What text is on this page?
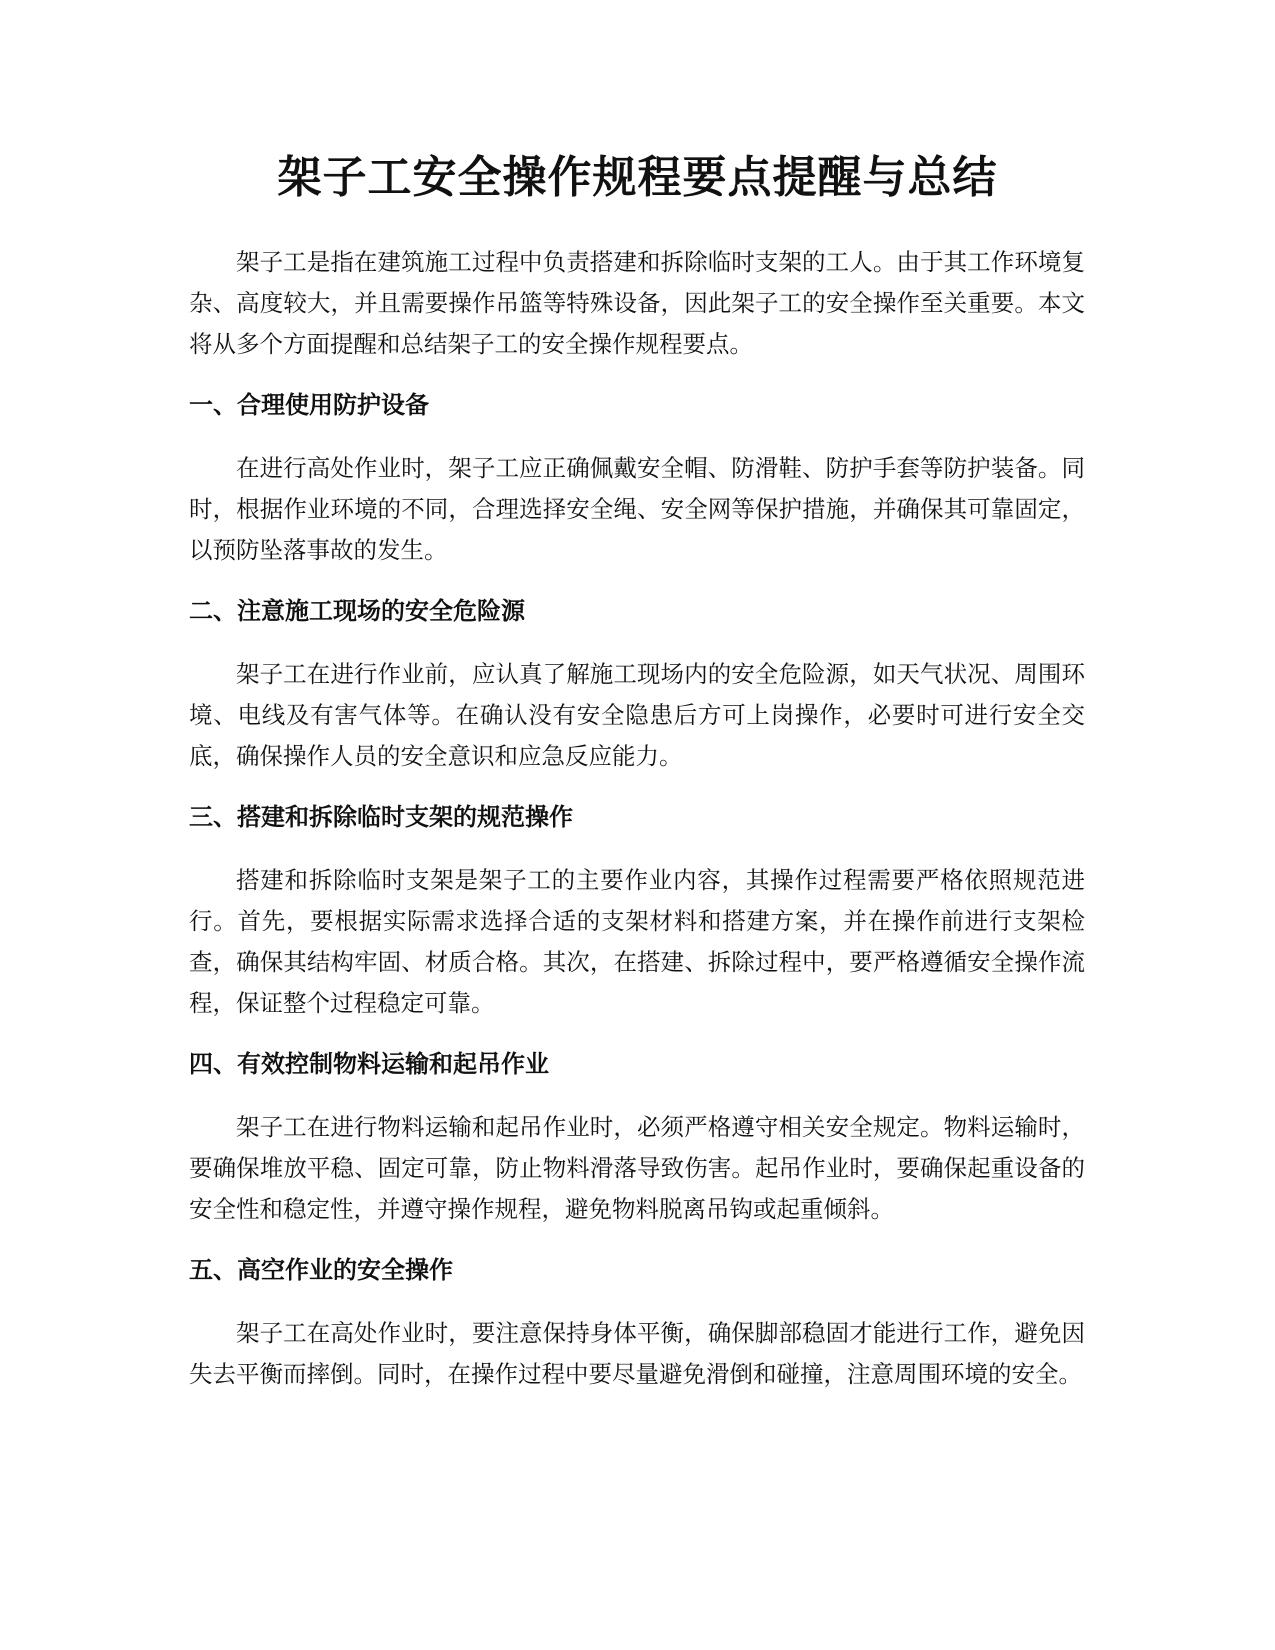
架子工安全操作规程要点提醒与总结

架子工是指在建筑施工过程中负责搭建和拆除临时支架的工人。由于其工作环境复杂、高度较大，并且需要操作吊篮等特殊设备，因此架子工的安全操作至关重要。本文将从多个方面提醒和总结架子工的安全操作规程要点。

一、合理使用防护设备

在进行高处作业时，架子工应正确佩戴安全帽、防滑鞋、防护手套等防护装备。同时，根据作业环境的不同，合理选择安全绳、安全网等保护措施，并确保其可靠固定，以预防坠落事故的发生。

二、注意施工现场的安全危险源

架子工在进行作业前，应认真了解施工现场内的安全危险源，如天气状况、周围环境、电线及有害气体等。在确认没有安全隐患后方可上岗操作，必要时可进行安全交底，确保操作人员的安全意识和应急反应能力。

三、搭建和拆除临时支架的规范操作

搭建和拆除临时支架是架子工的主要作业内容，其操作过程需要严格依照规范进行。首先，要根据实际需求选择合适的支架材料和搭建方案，并在操作前进行支架检查，确保其结构牢固、材质合格。其次，在搭建、拆除过程中，要严格遵循安全操作流程，保证整个过程稳定可靠。

四、有效控制物料运输和起吊作业

架子工在进行物料运输和起吊作业时，必须严格遵守相关安全规定。物料运输时，要确保堆放平稳、固定可靠，防止物料滑落导致伤害。起吊作业时，要确保起重设备的安全性和稳定性，并遵守操作规程，避免物料脱离吊钩或起重倾斜。

五、高空作业的安全操作

架子工在高处作业时，要注意保持身体平衡，确保脚部稳固才能进行工作，避免因失去平衡而摔倒。同时，在操作过程中要尽量避免滑倒和碰撞，注意周围环境的安全。
